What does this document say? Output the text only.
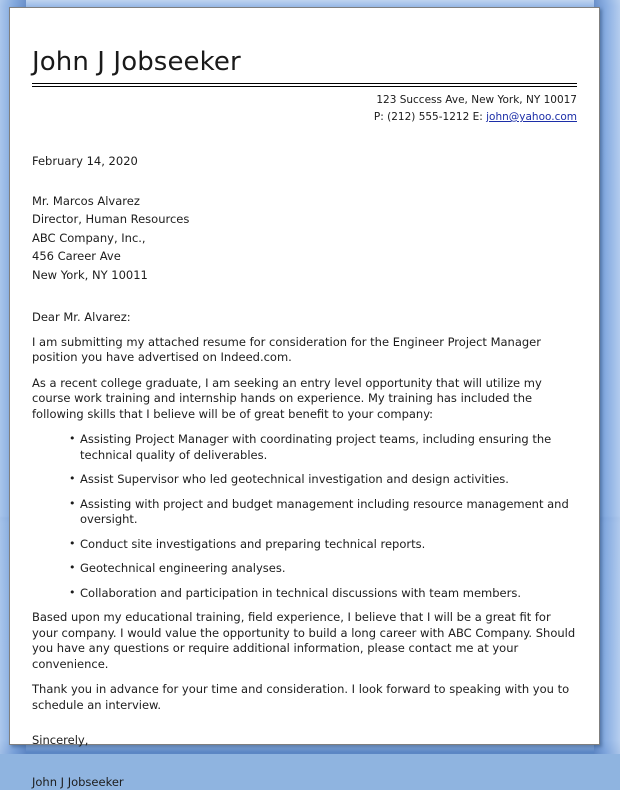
John J Jobseeker
123 Success Ave, New York, NY 10017
P: (212) 555-1212 E: john@yahoo.com
February 14, 2020
Mr. Marcos Alvarez
Director, Human Resources
ABC Company, Inc.,
456 Career Ave
New York, NY 10011
Dear Mr. Alvarez:
I am submitting my attached resume for consideration for the Engineer Project Manager position you have advertised on Indeed.com.
As a recent college graduate, I am seeking an entry level opportunity that will utilize my course work training and internship hands on experience. My training has included the following skills that I believe will be of great benefit to your company:
• Assisting Project Manager with coordinating project teams, including ensuring the technical quality of deliverables.
• Assist Supervisor who led geotechnical investigation and design activities.
• Assisting with project and budget management including resource management and oversight.
• Conduct site investigations and preparing technical reports.
• Geotechnical engineering analyses.
• Collaboration and participation in technical discussions with team members.
Based upon my educational training, field experience, I believe that I will be a great fit for your company. I would value the opportunity to build a long career with ABC Company. Should you have any questions or require additional information, please contact me at your convenience.
Thank you in advance for your time and consideration. I look forward to speaking with you to schedule an interview.
Sincerely,
John J Jobseeker
